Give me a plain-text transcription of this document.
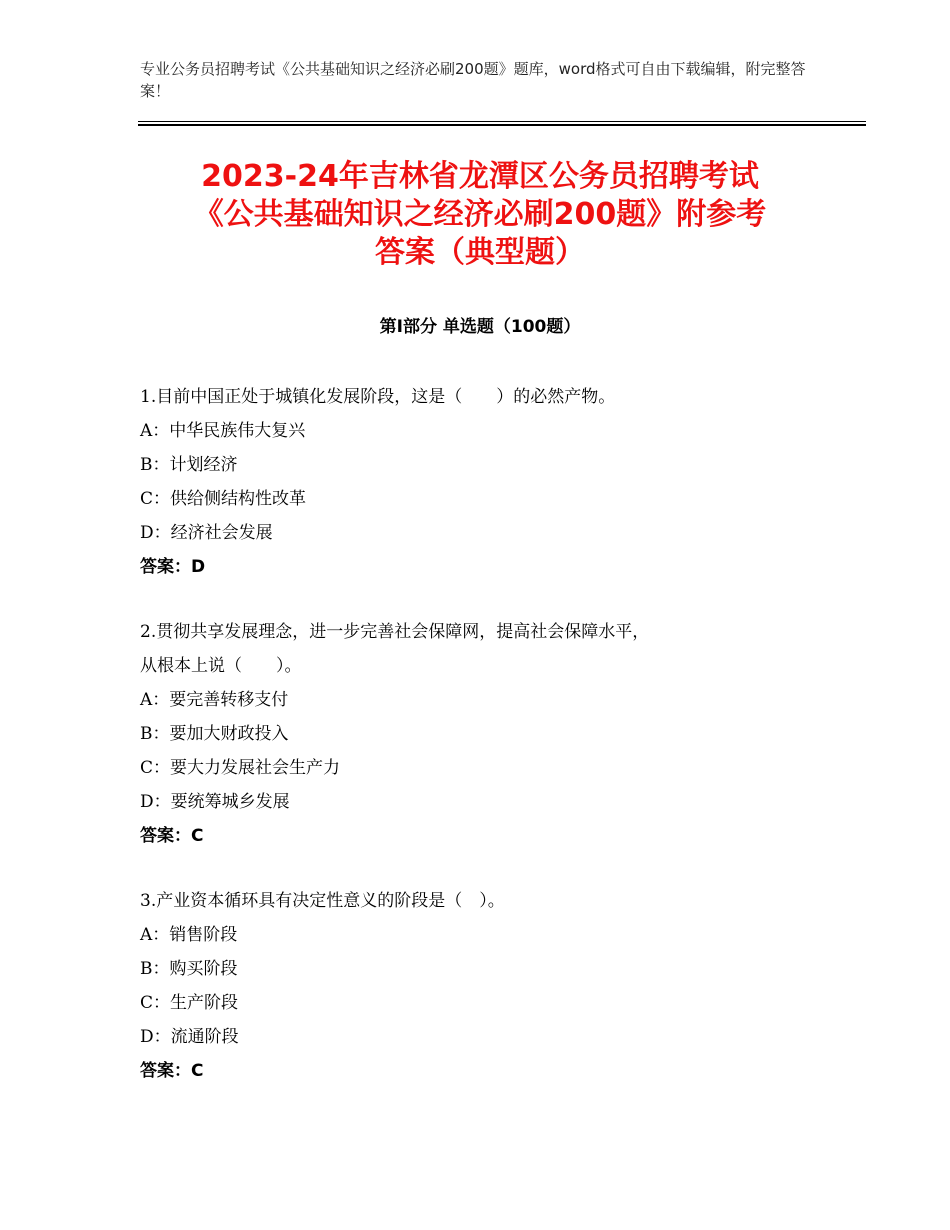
专业公务员招聘考试《公共基础知识之经济必刷200题》题库，word格式可自由下载编辑，附完整答案！
2023-24年吉林省龙潭区公务员招聘考试
《公共基础知识之经济必刷200题》附参考
答案（典型题）
第Ⅰ部分 单选题（100题）
1.目前中国正处于城镇化发展阶段，这是（　　）的必然产物。
A：中华民族伟大复兴
B：计划经济
C：供给侧结构性改革
D：经济社会发展
答案：D
2.贯彻共享发展理念，进一步完善社会保障网，提高社会保障水平，
从根本上说（　　）。
A：要完善转移支付
B：要加大财政投入
C：要大力发展社会生产力
D：要统筹城乡发展
答案：C
3.产业资本循环具有决定性意义的阶段是（　）。
A：销售阶段
B：购买阶段
C：生产阶段
D：流通阶段
答案：C
